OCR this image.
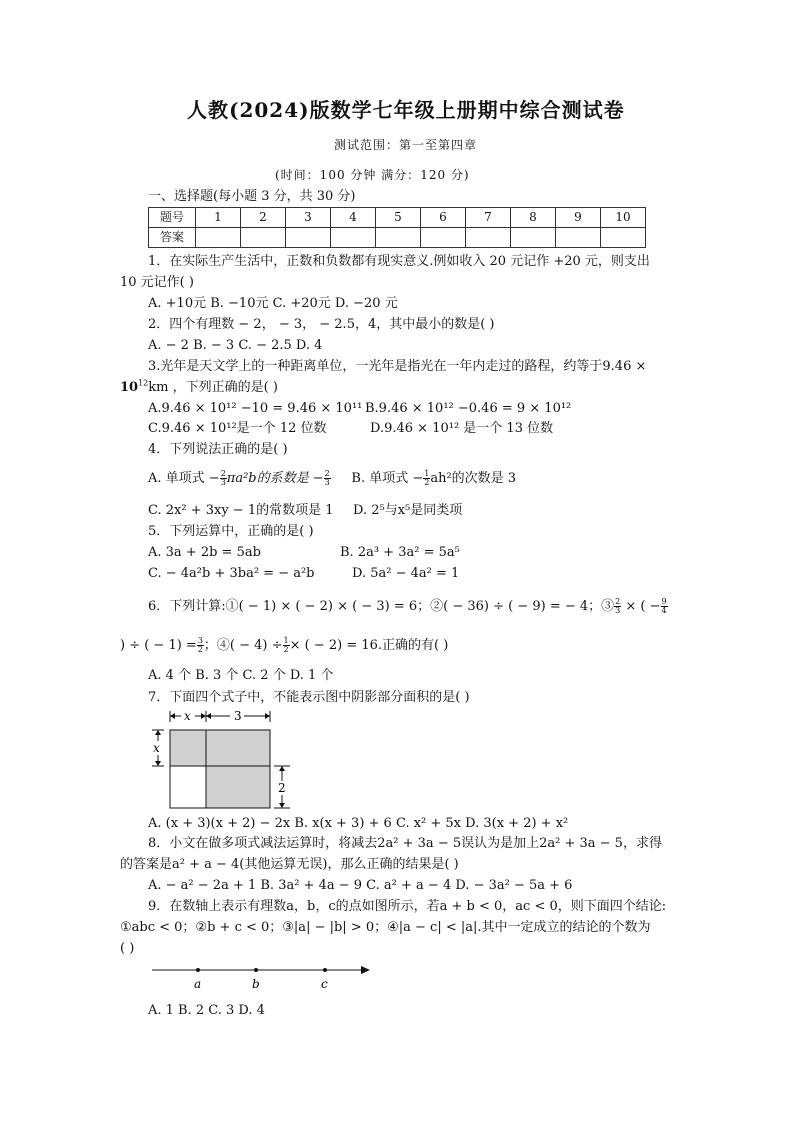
人教(2024)版数学七年级上册期中综合测试卷
测试范围：第一至第四章
(时间：100 分钟 满分：120 分)
一、选择题(每小题 3 分，共 30 分)
题号	1	2	3	4	5	6	7	8	9	10
答案										
1．在实际生产生活中，正数和负数都有现实意义.例如收入 20 元记作 +20 元，则支出
10 元记作( )
A. +10元 B. −10元 C. +20元 D. −20 元
2．四个有理数 − 2， − 3， − 2.5，4，其中最小的数是( )
A. − 2 B. − 3 C. − 2.5 D. 4
3.光年是天文学上的一种距离单位，一光年是指光在一年内走过的路程，约等于9.46 ×
$10^{12}km$ ，下列正确的是( )
A.9.46 × 10¹² −10 = 9.46 × 10¹¹ B.9.46 × 10¹² −0.46 = 9 × 10¹²
C.9.46 × 10¹²是一个 12 位数	D.9.46 × 10¹² 是一个 13 位数
4．下列说法正确的是( )
A. 单项式 − $\frac{2}{3} \pi a^2b$的系数是 − $\frac{2}{3} B$. 单项式 − $\frac{1}{2} ah^2$的次数是 3
C. 2x² + 3xy − 1的常数项是 1 D. 2⁵与x⁵是同类项
5．下列运算中，正确的是( )
A. 3a + 2b = 5ab	B. 2a³ + 3a² = 5a⁵
C. − 4a²b + 3ba² = − a²b	D. 5a² − 4a² = 1
6．下列计算:①( − 1) × ( − 2) × ( − 3) = 6；②( − 36) ÷ ( − 9) = − 4；③ $\frac{2}{3}$ × ( − $\frac{9}{4}$
) ÷ ( − $1) = \frac{3}{2}$ ；④( − $4) \div \frac{1}{2}$ × ( − 2) = 16.正确的有( )
A. 4 个 B. 3 个 C. 2 个 D. 1 个
7．下面四个式子中，不能表示图中阴影部分面积的是( )
x	3
x
2
A. (x + 3)(x + 2) − 2x B. x(x + 3) + 6 C. x² + 5x D. 3(x + 2) + x²
8．小文在做多项式减法运算时，将减去2a² + 3a − 5误认为是加上2a² + 3a − 5，求得
的答案是a² + a − 4(其他运算无误)，那么正确的结果是( )
A. − a² − 2a + 1 B. 3a² + 4a − 9 C. a² + a − 4 D. − 3a² − 5a + 6
9．在数轴上表示有理数a，b，c的点如图所示，若a + b < 0，ac < 0，则下面四个结论:
①abc < 0；②b + c < 0；③|a| − |b| > 0；④|a − c| < |a|.其中一定成立的结论的个数为
( )
a	b	c
A. 1 B. 2 C. 3 D. 4
